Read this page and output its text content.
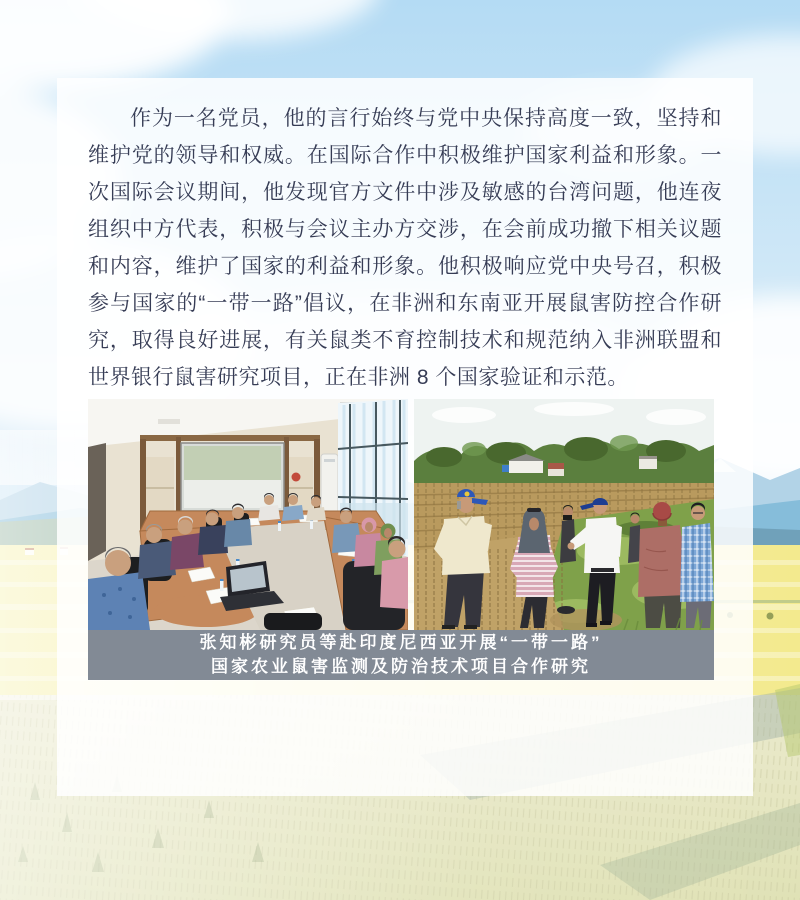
作为一名党员，他的言行始终与党中央保持高度一致，坚持和维护党的领导和权威。在国际合作中积极维护国家利益和形象。一次国际会议期间，他发现官方文件中涉及敏感的台湾问题，他连夜组织中方代表，积极与会议主办方交涉，在会前成功撤下相关议题和内容，维护了国家的利益和形象。他积极响应党中央号召，积极参与国家的“一带一路”倡议，在非洲和东南亚开展鼠害防控合作研究，取得良好进展，有关鼠类不育控制技术和规范纳入非洲联盟和世界银行鼠害研究项目，正在非洲 8 个国家验证和示范。

张知彬研究员等赴印度尼西亚开展“一带一路”
国家农业鼠害监测及防治技术项目合作研究
